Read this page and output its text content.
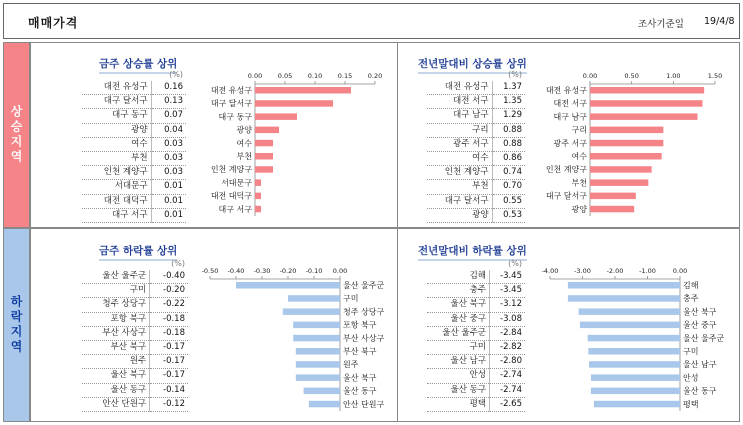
매매가격	조사기준일 19/4/8
상승지역
하락지역
금주 상승률 상위
	(%)
대전 유성구	0.16
대구 달서구	0.13
대구 동구	0.07
광양	0.04
여수	0.03
부천	0.03
인천 계양구	0.03
서대문구	0.01
대전 대덕구	0.01
대구 서구	0.01
0.00 0.05 0.10 0.15 0.20
대전 유성구
대구 달서구
대구 동구
광양
여수
부천
인천 계양구
서대문구
대전 대덕구
대구 서구
전년말대비 상승률 상위
	(%)
대전 유성구	1.37
대전 서구	1.35
대구 남구	1.29
구리	0.88
광주 서구	0.88
여수	0.86
인천 계양구	0.74
부천	0.70
대구 달서구	0.55
광양	0.53
0.00	0.50	1.00	1.50
대전 유성구
대전 서구
대구 남구
구리
광주 서구
여수
인천 계양구
부천
대구 달서구
광양
금주 하락률 상위
	(%)
울산 울주군	-0.40
구미	-0.20
청주 상당구	-0.22
포항 북구	-0.18
부산 사상구	-0.18
부산 북구	-0.17
원주	-0.17
울산 북구	-0.17
울산 동구	-0.14
안산 단원구	-0.12
-0.50 -0.40 -0.30 -0.20 -0.10 0.00
울산 울주군
구미
청주 상당구
포항 북구
부산 사상구
부산 북구
원주
울산 북구
울산 동구
안산 단원구
전년말대비 하락률 상위
	(%)
김해	-3.45
충주	-3.45
울산 북구	-3.12
울산 중구	-3.08
울산 울주군	-2.84
구미	-2.82
울산 남구	-2.80
안성	-2.74
울산 동구	-2.74
평택	-2.65
-4.00 -3.00 -2.00 -1.00	0.00
김해
충주
울산 북구
울산 중구
울산 울주군
구미
울산 남구
안성
울산 동구
평택
